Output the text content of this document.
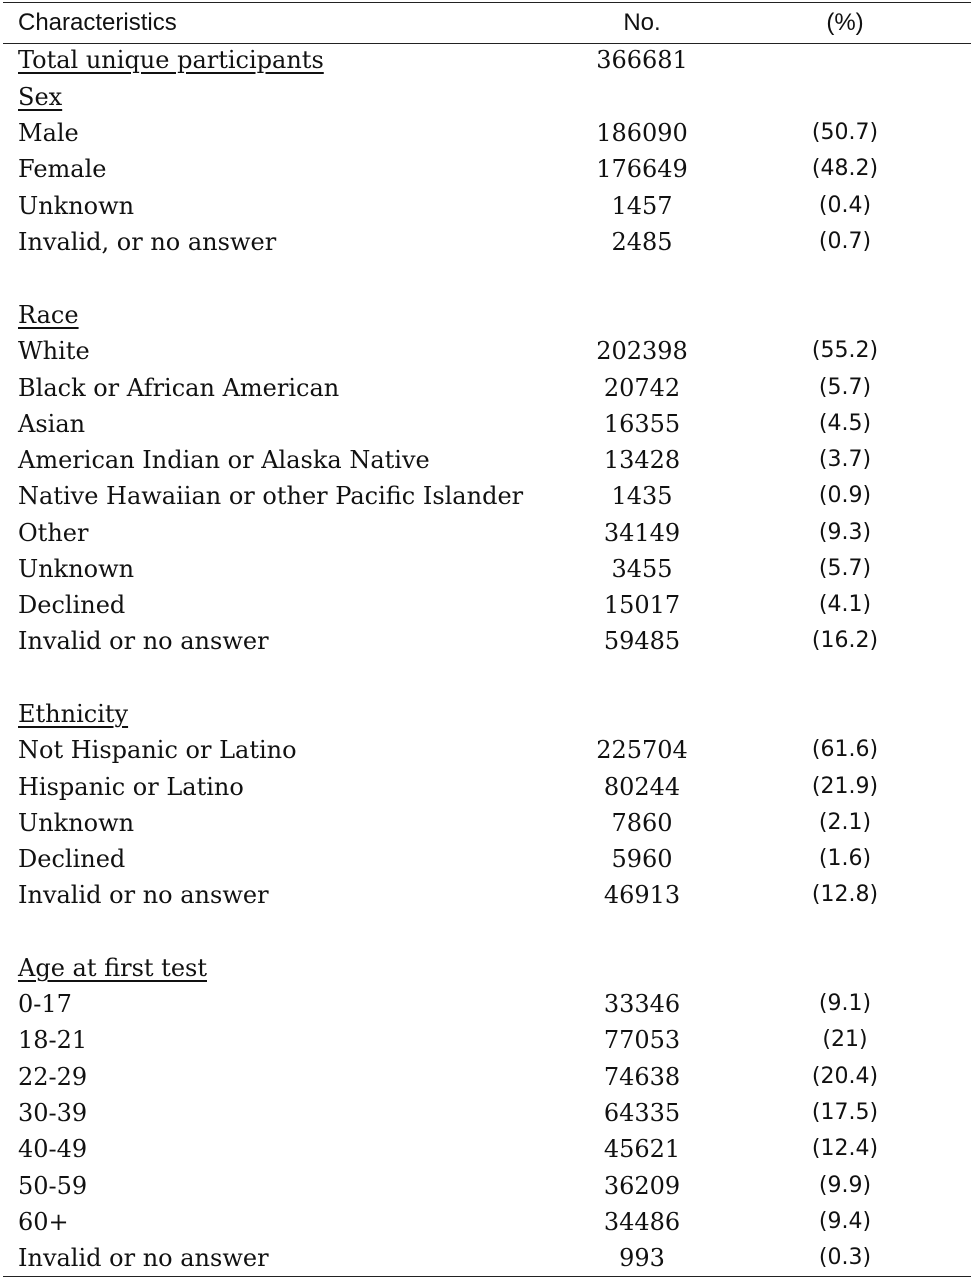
Characteristics	No.	(%)
Total unique participants	366681
Sex
Male	186090	(50.7)
Female	176649	(48.2)
Unknown	1457	(0.4)
Invalid, or no answer	2485	(0.7)
Race
White	202398	(55.2)
Black or African American	20742	(5.7)
Asian	16355	(4.5)
American Indian or Alaska Native	13428	(3.7)
Native Hawaiian or other Pacific Islander	1435	(0.9)
Other	34149	(9.3)
Unknown	3455	(5.7)
Declined	15017	(4.1)
Invalid or no answer	59485	(16.2)
Ethnicity
Not Hispanic or Latino	225704	(61.6)
Hispanic or Latino	80244	(21.9)
Unknown	7860	(2.1)
Declined	5960	(1.6)
Invalid or no answer	46913	(12.8)
Age at first test
0-17	33346	(9.1)
18-21	77053	(21)
22-29	74638	(20.4)
30-39	64335	(17.5)
40-49	45621	(12.4)
50-59	36209	(9.9)
60+	34486	(9.4)
Invalid or no answer	993	(0.3)
